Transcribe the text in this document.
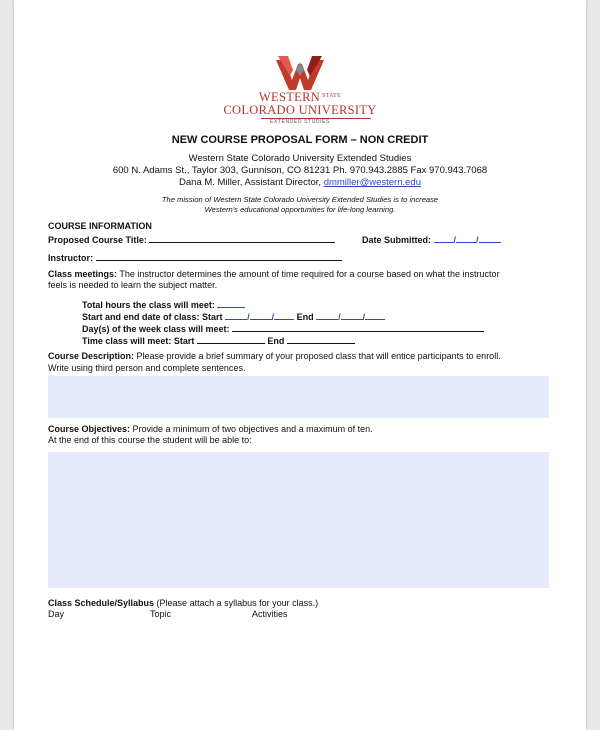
WESTERN $^{STATE}$
COLORADO UNIVERSITY
EXTENDED STUDIES
NEW COURSE PROPOSAL FORM – NON CREDIT
Western State Colorado University Extended Studies
600 N. Adams St., Taylor 303, Gunnison, CO 81231 Ph. 970.943.2885 Fax 970.943.7068
Dana M. Miller, Assistant Director, dmmiller@western.edu
The mission of Western State Colorado University Extended Studies is to increase
Western's educational opportunities for life-long learning.
COURSE INFORMATION
Proposed Course Title:	Date Submitted:	/ /
Instructor:
Class meetings: The instructor determines the amount of time required for a course based on what the instructor
feels is needed to learn the subject matter.
Total hours the class will meet:
Start and end date of class: Start	/ /	End	/ /
Day(s) of the week class will meet:
Time class will meet: Start	End
Course Description: Please provide a brief summary of your proposed class that will entice participants to enroll.
Write using third person and complete sentences.
Course Objectives: Provide a minimum of two objectives and a maximum of ten.
At the end of this course the student will be able to:
Class Schedule/Syllabus (Please attach a syllabus for your class.)
Day	Topic	Activities
